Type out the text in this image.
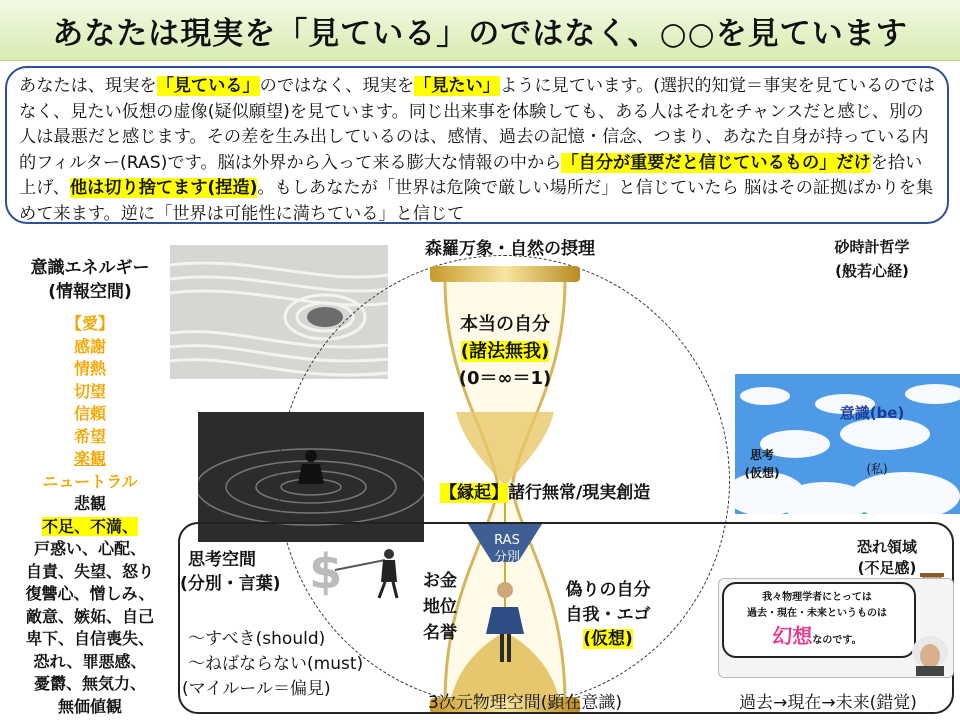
あなたは現実を「見ている」のではなく、○○を見ています
あなたは、現実を「見ている」のではなく、現実を「見たい」ように見ています。(選択的知覚＝事実を見ているのではなく、見たい仮想の虚像(疑似願望)を見ています。同じ出来事を体験しても、ある人はそれをチャンスだと感じ、別の人は最悪だと感じます。その差を生み出しているのは、感情、過去の記憶・信念、つまり、あなた自身が持っている内的フィルター(RAS)です。脳は外界から入って来る膨大な情報の中から「自分が重要だと信じているもの」だけを拾い上げ、他は切り捨てます(捏造)。もしあなたが「世界は危険で厳しい場所だ」と信じていたら 脳はその証拠ばかりを集めて来ます。逆に「世界は可能性に満ちている」と信じて
意識エネルギー
(情報空間)
【愛】
感謝
情熱
切望
信頼
希望
楽観
ニュートラル
悲観
不足、不満、
戸惑い、心配、
自責、失望、怒り
復讐心、憎しみ、
敵意、嫉妬、自己
卑下、自信喪失、
恐れ、罪悪感、
憂欝、無気力、
無価値観
RAS
分別
森羅万象・自然の摂理
本当の自分
(諸法無我)
(0＝∞＝1)
【縁起】諸行無常/現実創造
砂時計哲学
(般若心経)
意識(be)
(私)
思考
(仮想)
思考空間
(分別・言葉) $	お金
地位
名誉
偽りの自分
自我・エゴ
(仮想)
～すべき(should)
～ねばならない(must)
(マイルール＝偏見)
3次元物理空間(顕在意識)
恐れ領域
(不足感)
我々物理学者にとっては
過去・現在・未来というものは
幻想なのです。
過去→現在→未来(錯覚)
